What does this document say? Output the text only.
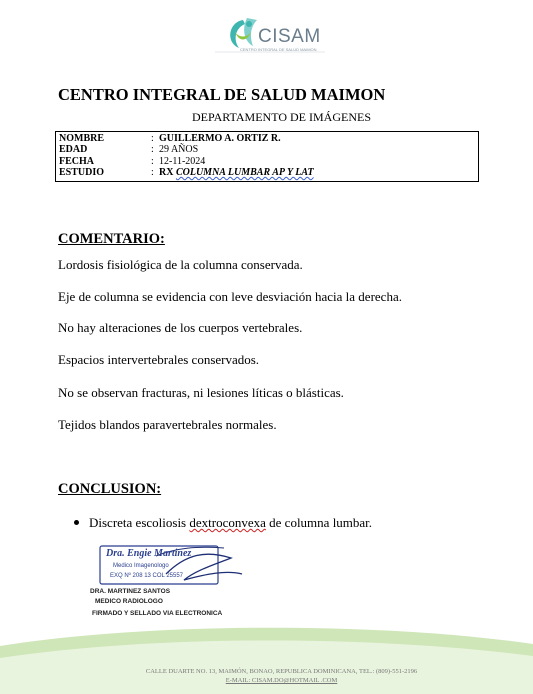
CISAM
CENTRO INTEGRAL DE SALUD MAIMON
CENTRO INTEGRAL DE SALUD MAIMON
DEPARTAMENTO DE IMÁGENES
NOMBRE	: GUILLERMO A. ORTIZ R.
EDAD	: 29 AÑOS
FECHA	: 12-11-2024
ESTUDIO	: RX COLUMNA LUMBAR AP Y LAT
COMENTARIO:
Lordosis fisiológica de la columna conservada.
Eje de columna se evidencia con leve desviación hacia la derecha.
No hay alteraciones de los cuerpos vertebrales.
Espacios intervertebrales conservados.
No se observan fracturas, ni lesiones líticas o blásticas.
Tejidos blandos paravertebrales normales.
CONCLUSION:
Discreta escoliosis dextroconvexa de columna lumbar.
Dra. Engie Martinez
Medico Imagenologo
EXQ Nº 208 13 COL 25557
DRA. MARTINEZ SANTOS
MEDICO RADIOLOGO
FIRMADO Y SELLADO VIA ELECTRONICA
CALLE DUARTE NO. 13, MAIMÓN, BONAO, REPUBLICA DOMINICANA, TEL.: (809)-551-2196
E-MAIL: CISAM.DO@HOTMAIL .COM
